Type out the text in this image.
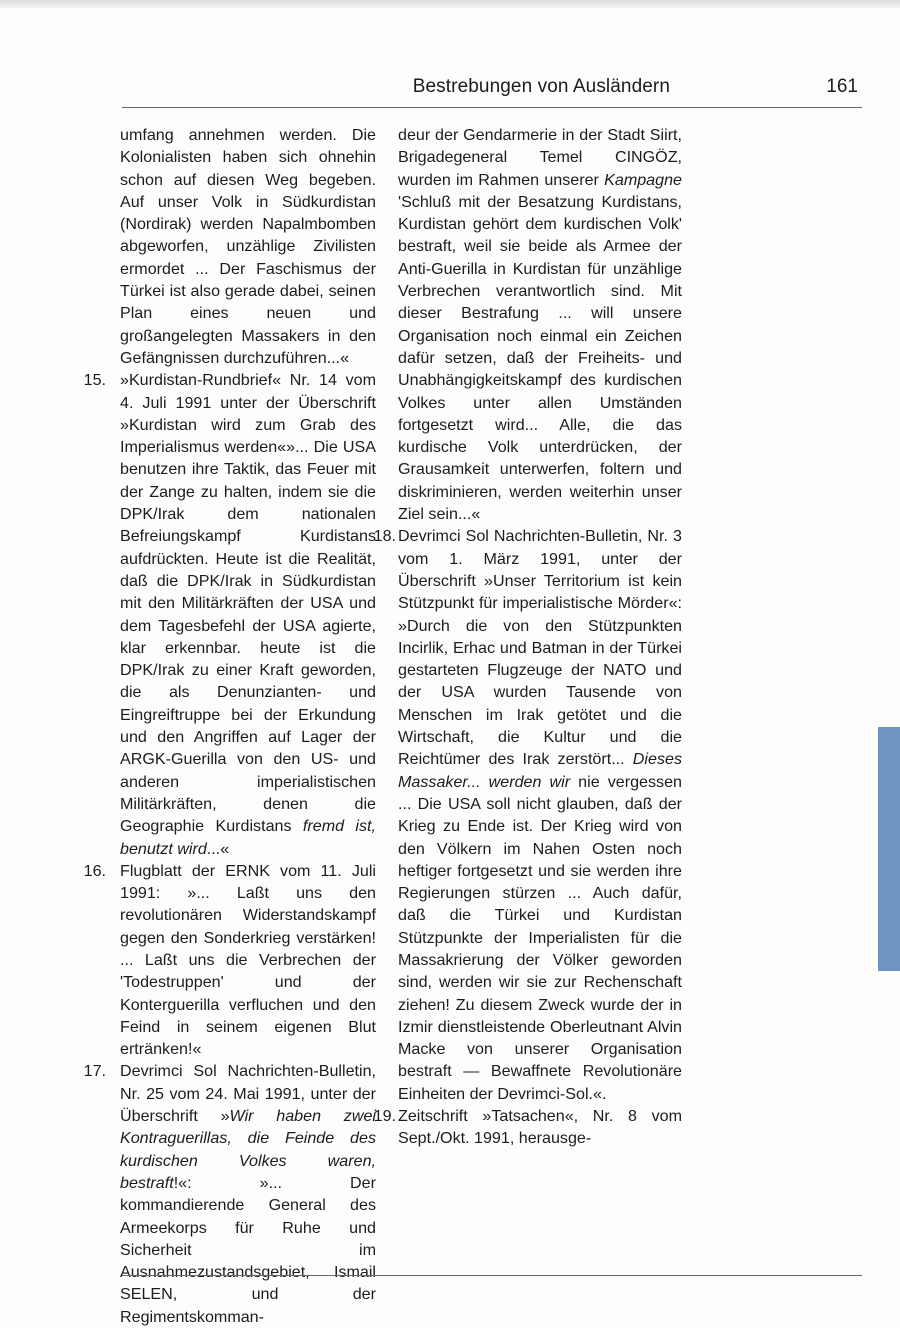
Bestrebungen von Ausländern	161

umfang annehmen werden. Die Kolonialisten haben sich ohnehin schon auf diesen Weg begeben. Auf unser Volk in Südkurdistan (Nordirak) werden Napalmbomben abgeworfen, unzählige Zivilisten ermordet ... Der Faschismus der Türkei ist also gerade dabei, seinen Plan eines neuen und großangelegten Massakers in den Gefängnissen durchzuführen...«

15. »Kurdistan-Rundbrief« Nr. 14 vom 4. Juli 1991 unter der Überschrift »Kurdistan wird zum Grab des Imperialismus werden«»... Die USA benutzen ihre Taktik, das Feuer mit der Zange zu halten, indem sie die DPK/Irak dem nationalen Befreiungskampf Kurdistans aufdrückten. Heute ist die Realität, daß die DPK/Irak in Südkurdistan mit den Militärkräften der USA und dem Tagesbefehl der USA agierte, klar erkennbar. heute ist die DPK/Irak zu einer Kraft geworden, die als Denunzianten- und Eingreiftruppe bei der Erkundung und den Angriffen auf Lager der ARGK-Guerilla von den US- und anderen imperialistischen Militärkräften, denen die Geographie Kurdistans fremd ist, benutzt wird...«
16. Flugblatt der ERNK vom 11. Juli 1991: »... Laßt uns den revolutionären Widerstandskampf gegen den Sonderkrieg verstärken! ... Laßt uns die Verbrechen der 'Todestruppen' und der Konterguerilla verfluchen und den Feind in seinem eigenen Blut ertränken!«
17. Devrimci Sol Nachrichten-Bulletin, Nr. 25 vom 24. Mai 1991, unter der Überschrift »Wir haben zwei Kontraguerillas, die Feinde des kurdischen Volkes waren, bestraft!«: »... Der kommandierende General des Armeekorps für Ruhe und Sicherheit im Ausnahmezustandsgebiet, Ismail SELEN, und der Regimentskomman-

deur der Gendarmerie in der Stadt Siirt, Brigadegeneral Temel CINGÖZ, wurden im Rahmen unserer Kampagne 'Schluß mit der Besatzung Kurdistans, Kurdistan gehört dem kurdischen Volk' bestraft, weil sie beide als Armee der Anti-Guerilla in Kurdistan für unzählige Verbrechen verantwortlich sind. Mit dieser Bestrafung ... will unsere Organisation noch einmal ein Zeichen dafür setzen, daß der Freiheits- und Unabhängigkeitskampf des kurdischen Volkes unter allen Umständen fortgesetzt wird... Alle, die das kurdische Volk unterdrücken, der Grausamkeit unterwerfen, foltern und diskriminieren, werden weiterhin unser Ziel sein...«

18. Devrimci Sol Nachrichten-Bulletin, Nr. 3 vom 1. März 1991, unter der Überschrift »Unser Territorium ist kein Stützpunkt für imperialistische Mörder«: »Durch die von den Stützpunkten Incirlik, Erhac und Batman in der Türkei gestarteten Flugzeuge der NATO und der USA wurden Tausende von Menschen im Irak getötet und die Wirtschaft, die Kultur und die Reichtümer des Irak zerstört... Dieses Massaker... werden wir nie vergessen ... Die USA soll nicht glauben, daß der Krieg zu Ende ist. Der Krieg wird von den Völkern im Nahen Osten noch heftiger fortgesetzt und sie werden ihre Regierungen stürzen ... Auch dafür, daß die Türkei und Kurdistan Stützpunkte der Imperialisten für die Massakrierung der Völker geworden sind, werden wir sie zur Rechenschaft ziehen! Zu diesem Zweck wurde der in Izmir dienstleistende Oberleutnant Alvin Macke von unserer Organisation bestraft — Bewaffnete Revolutionäre Einheiten der Devrimci-Sol.«.
19. Zeitschrift »Tatsachen«, Nr. 8 vom Sept./Okt. 1991, herausge-
